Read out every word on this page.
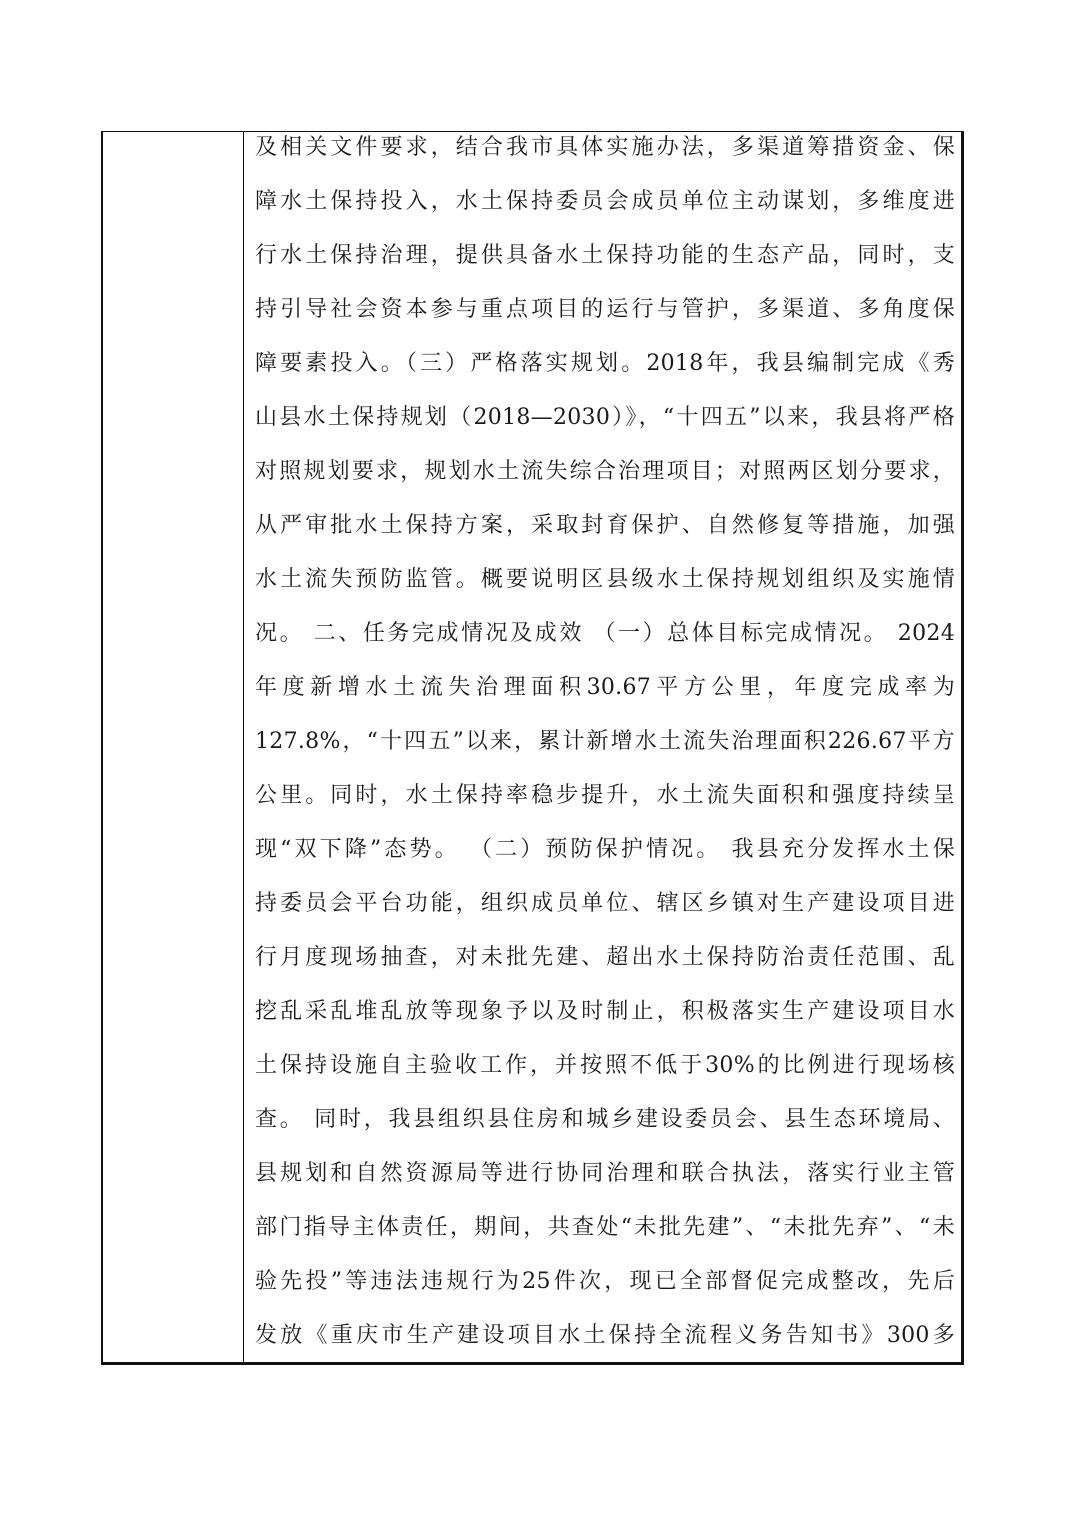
及相关文件要求，结合我市具体实施办法，多渠道筹措资金、保
障水土保持投入，水土保持委员会成员单位主动谋划，多维度进
行水土保持治理，提供具备水土保持功能的生态产品，同时，支
持引导社会资本参与重点项目的运行与管护，多渠道、多角度保
障要素投入。（三）严格落实规划。2018年，我县编制完成《秀
山县水土保持规划（2018—2030）》，“十四五”以来，我县将严格
对照规划要求，规划水土流失综合治理项目；对照两区划分要求，
从严审批水土保持方案，采取封育保护、自然修复等措施，加强
水土流失预防监管。概要说明区县级水土保持规划组织及实施情
况。 二、任务完成情况及成效 （一）总体目标完成情况。 2024
年度新增水土流失治理面积30.67平方公里，年度完成率为
127.8%，“十四五”以来，累计新增水土流失治理面积226.67平方
公里。同时，水土保持率稳步提升，水土流失面积和强度持续呈
现“双下降”态势。 （二）预防保护情况。 我县充分发挥水土保
持委员会平台功能，组织成员单位、辖区乡镇对生产建设项目进
行月度现场抽查，对未批先建、超出水土保持防治责任范围、乱
挖乱采乱堆乱放等现象予以及时制止，积极落实生产建设项目水
土保持设施自主验收工作，并按照不低于30%的比例进行现场核
查。 同时，我县组织县住房和城乡建设委员会、县生态环境局、
县规划和自然资源局等进行协同治理和联合执法，落实行业主管
部门指导主体责任，期间，共查处“未批先建”、“未批先弃”、“未
验先投”等违法违规行为25件次，现已全部督促完成整改，先后
发放《重庆市生产建设项目水土保持全流程义务告知书》300多
